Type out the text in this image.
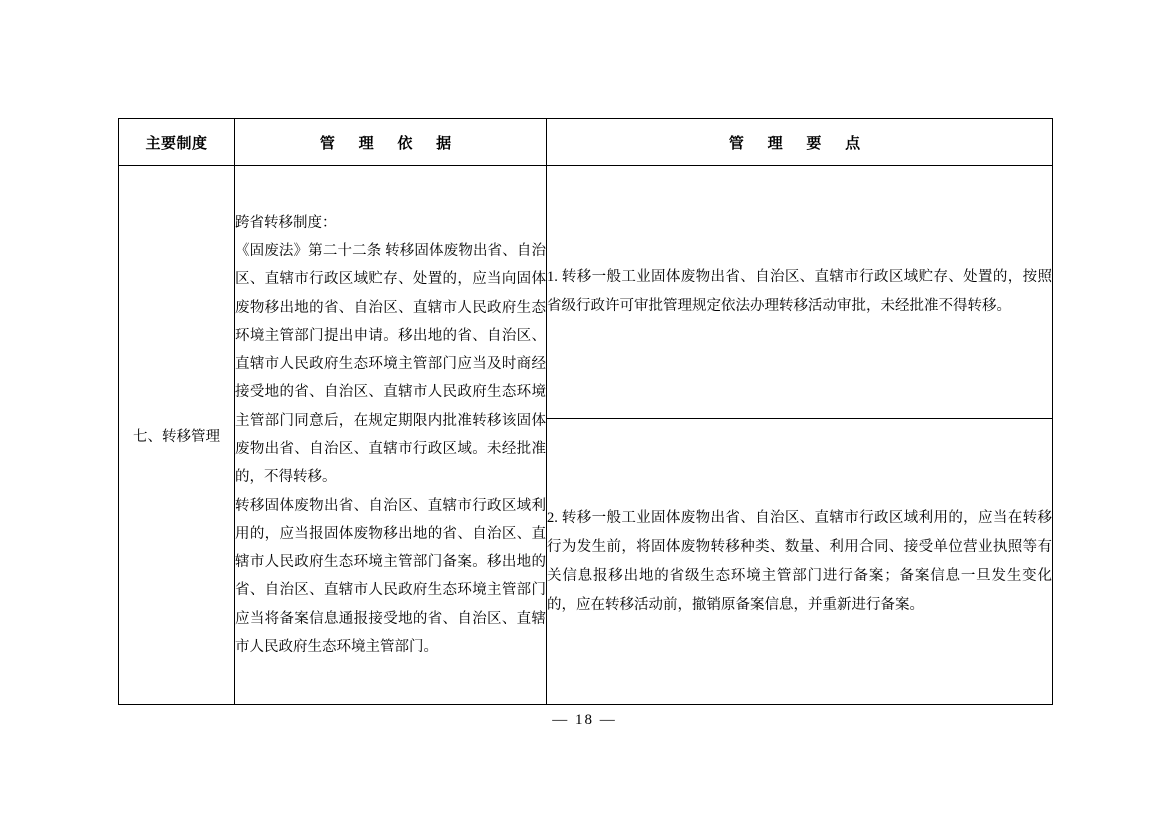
主要制度	管 理 依 据	管 理 要 点
七、转移管理	跨省转移制度：

《固废法》第二十二条 转移固体废物出省、自治区、直辖市行政区域贮存、处置的，应当向固体废物移出地的省、自治区、直辖市人民政府生态环境主管部门提出申请。移出地的省、自治区、直辖市人民政府生态环境主管部门应当及时商经接受地的省、自治区、直辖市人民政府生态环境主管部门同意后，在规定期限内批准转移该固体废物出省、自治区、直辖市行政区域。未经批准的，不得转移。

转移固体废物出省、自治区、直辖市行政区域利用的，应当报固体废物移出地的省、自治区、直辖市人民政府生态环境主管部门备案。移出地的省、自治区、直辖市人民政府生态环境主管部门应当将备案信息通报接受地的省、自治区、直辖市人民政府生态环境主管部门。	1. 转移一般工业固体废物出省、自治区、直辖市行政区域贮存、处置的，按照省级行政许可审批管理规定依法办理转移活动审批，未经批准不得转移。
		2. 转移一般工业固体废物出省、自治区、直辖市行政区域利用的，应当在转移行为发生前，将固体废物转移种类、数量、利用合同、接受单位营业执照等有关信息报移出地的省级生态环境主管部门进行备案；备案信息一旦发生变化的，应在转移活动前，撤销原备案信息，并重新进行备案。
— 18 —
